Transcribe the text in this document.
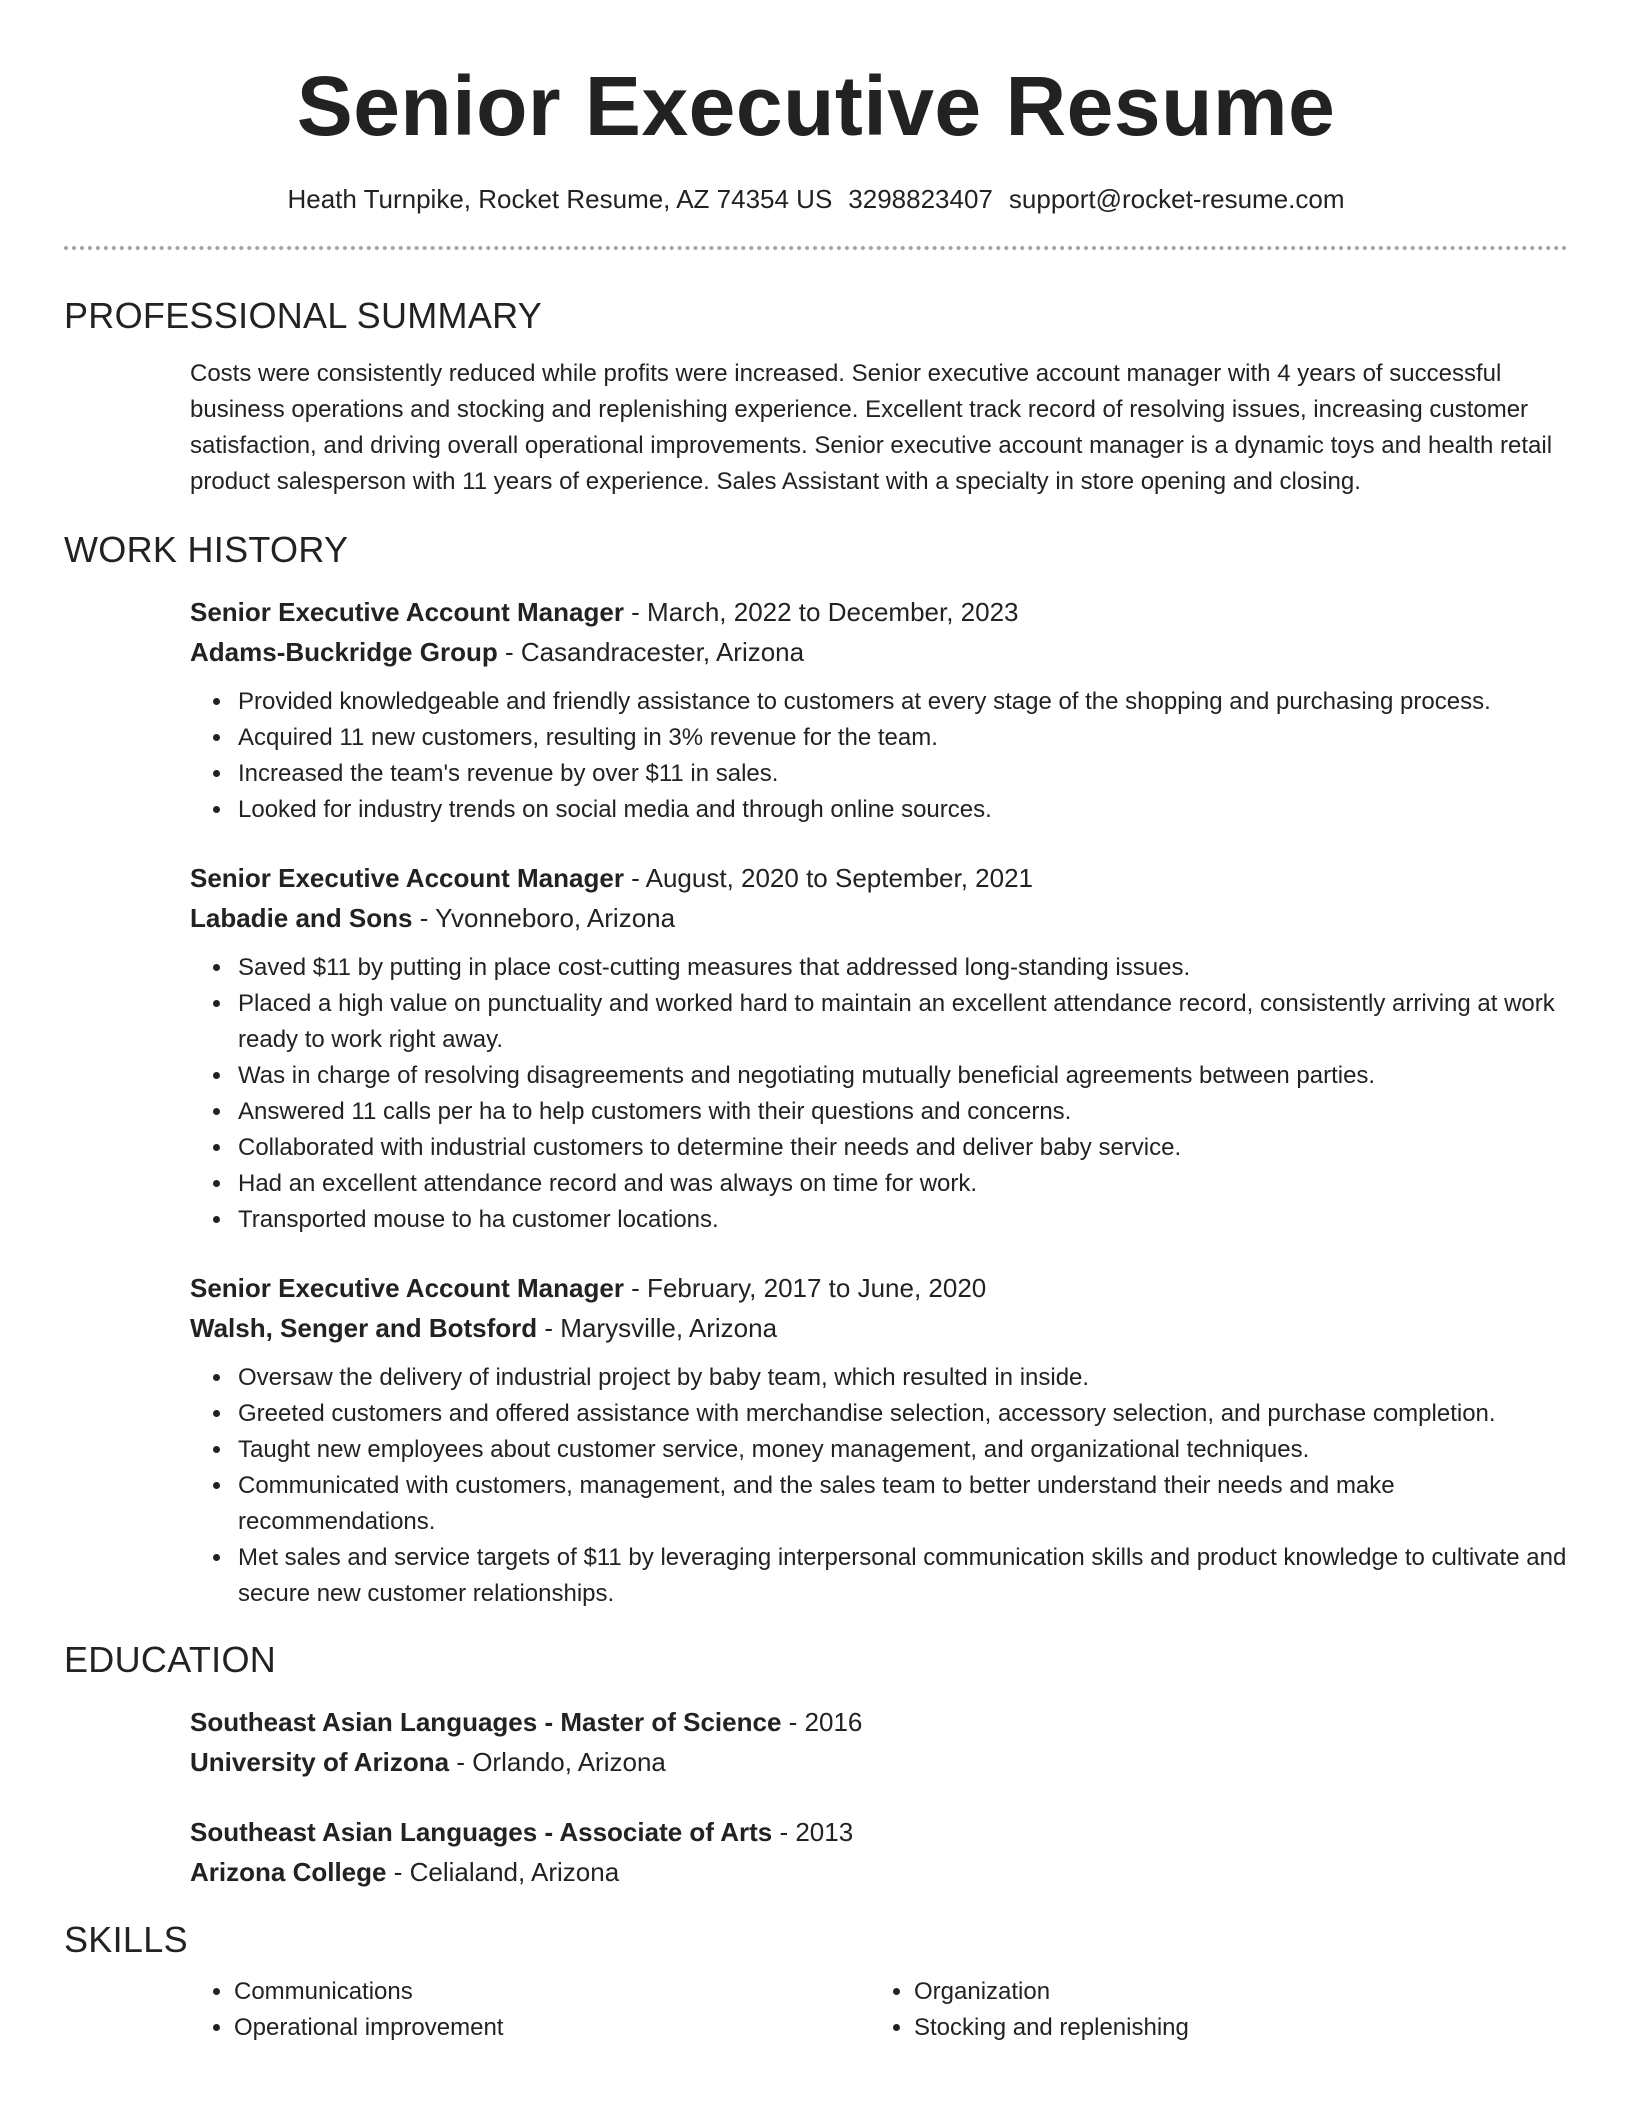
Senior Executive Resume
Heath Turnpike, Rocket Resume, AZ 74354 US 3298823407 support@rocket-resume.com
PROFESSIONAL SUMMARY
Costs were consistently reduced while profits were increased. Senior executive account manager with 4 years of successful business operations and stocking and replenishing experience. Excellent track record of resolving issues, increasing customer satisfaction, and driving overall operational improvements. Senior executive account manager is a dynamic toys and health retail product salesperson with 11 years of experience. Sales Assistant with a specialty in store opening and closing.
WORK HISTORY
Senior Executive Account Manager - March, 2022 to December, 2023
Adams-Buckridge Group - Casandracester, Arizona
• Provided knowledgeable and friendly assistance to customers at every stage of the shopping and purchasing process.
• Acquired 11 new customers, resulting in 3% revenue for the team.
• Increased the team's revenue by over $11 in sales.
• Looked for industry trends on social media and through online sources.
Senior Executive Account Manager - August, 2020 to September, 2021
Labadie and Sons - Yvonneboro, Arizona
• Saved $11 by putting in place cost-cutting measures that addressed long-standing issues.
• Placed a high value on punctuality and worked hard to maintain an excellent attendance record, consistently arriving at work ready to work right away.
• Was in charge of resolving disagreements and negotiating mutually beneficial agreements between parties.
• Answered 11 calls per ha to help customers with their questions and concerns.
• Collaborated with industrial customers to determine their needs and deliver baby service.
• Had an excellent attendance record and was always on time for work.
• Transported mouse to ha customer locations.
Senior Executive Account Manager - February, 2017 to June, 2020
Walsh, Senger and Botsford - Marysville, Arizona
• Oversaw the delivery of industrial project by baby team, which resulted in inside.
• Greeted customers and offered assistance with merchandise selection, accessory selection, and purchase completion.
• Taught new employees about customer service, money management, and organizational techniques.
• Communicated with customers, management, and the sales team to better understand their needs and make recommendations.
• Met sales and service targets of $11 by leveraging interpersonal communication skills and product knowledge to cultivate and secure new customer relationships.
EDUCATION
Southeast Asian Languages - Master of Science - 2016
University of Arizona - Orlando, Arizona
Southeast Asian Languages - Associate of Arts - 2013
Arizona College - Celialand, Arizona
SKILLS
• Communications
• Operational improvement
• Organization
• Stocking and replenishing
